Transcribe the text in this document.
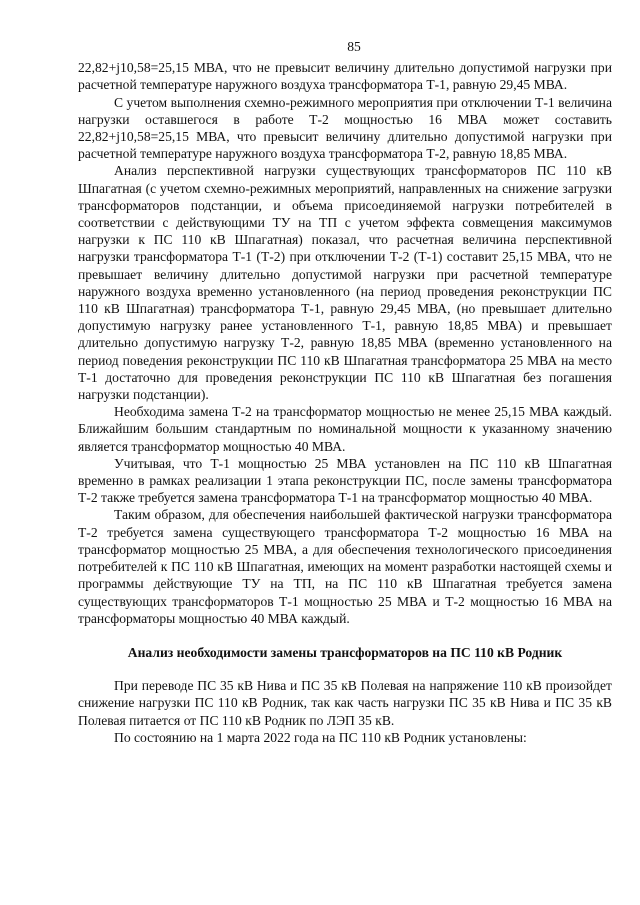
85

22,82+j10,58=25,15 МВА, что не превысит величину длительно допустимой нагрузки при расчетной температуре наружного воздуха трансформатора Т-1, равную 29,45 МВА.

С учетом выполнения схемно-режимного мероприятия при отключении Т-1 величина нагрузки оставшегося в работе Т-2 мощностью 16 МВА может составить 22,82+j10,58=25,15 МВА, что превысит величину длительно допустимой нагрузки при расчетной температуре наружного воздуха трансформатора Т-2, равную 18,85 МВА.

Анализ перспективной нагрузки существующих трансформаторов ПС 110 кВ Шпагатная (с учетом схемно-режимных мероприятий, направленных на снижение загрузки трансформаторов подстанции, и объема присоединяемой нагрузки потребителей в соответствии с действующими ТУ на ТП с учетом эффекта совмещения максимумов нагрузки к ПС 110 кВ Шпагатная) показал, что расчетная величина перспективной нагрузки трансформатора Т-1 (Т-2) при отключении Т-2 (Т-1) составит 25,15 МВА, что не превышает величину длительно допустимой нагрузки при расчетной температуре наружного воздуха временно установленного (на период проведения реконструкции ПС 110 кВ Шпагатная) трансформатора Т-1, равную 29,45 МВА, (но превышает длительно допустимую нагрузку ранее установленного Т-1, равную 18,85 МВА) и превышает длительно допустимую нагрузку Т-2, равную 18,85 МВА (временно установленного на период поведения реконструкции ПС 110 кВ Шпагатная трансформатора 25 МВА на место Т-1 достаточно для проведения реконструкции ПС 110 кВ Шпагатная без погашения нагрузки подстанции).

Необходима замена Т-2 на трансформатор мощностью не менее 25,15 МВА каждый. Ближайшим большим стандартным по номинальной мощности к указанному значению является трансформатор мощностью 40 МВА.

Учитывая, что Т-1 мощностью 25 МВА установлен на ПС 110 кВ Шпагатная временно в рамках реализации 1 этапа реконструкции ПС, после замены трансформатора Т-2 также требуется замена трансформатора Т-1 на трансформатор мощностью 40 МВА.

Таким образом, для обеспечения наибольшей фактической нагрузки трансформатора Т-2 требуется замена существующего трансформатора Т-2 мощностью 16 МВА на трансформатор мощностью 25 МВА, а для обеспечения технологического присоединения потребителей к ПС 110 кВ Шпагатная, имеющих на момент разработки настоящей схемы и программы действующие ТУ на ТП, на ПС 110 кВ Шпагатная требуется замена существующих трансформаторов Т-1 мощностью 25 МВА и Т-2 мощностью 16 МВА на трансформаторы мощностью 40 МВА каждый.

Анализ необходимости замены трансформаторов на ПС 110 кВ Родник

При переводе ПС 35 кВ Нива и ПС 35 кВ Полевая на напряжение 110 кВ произойдет снижение нагрузки ПС 110 кВ Родник, так как часть нагрузки ПС 35 кВ Нива и ПС 35 кВ Полевая питается от ПС 110 кВ Родник по ЛЭП 35 кВ.

По состоянию на 1 марта 2022 года на ПС 110 кВ Родник установлены:
